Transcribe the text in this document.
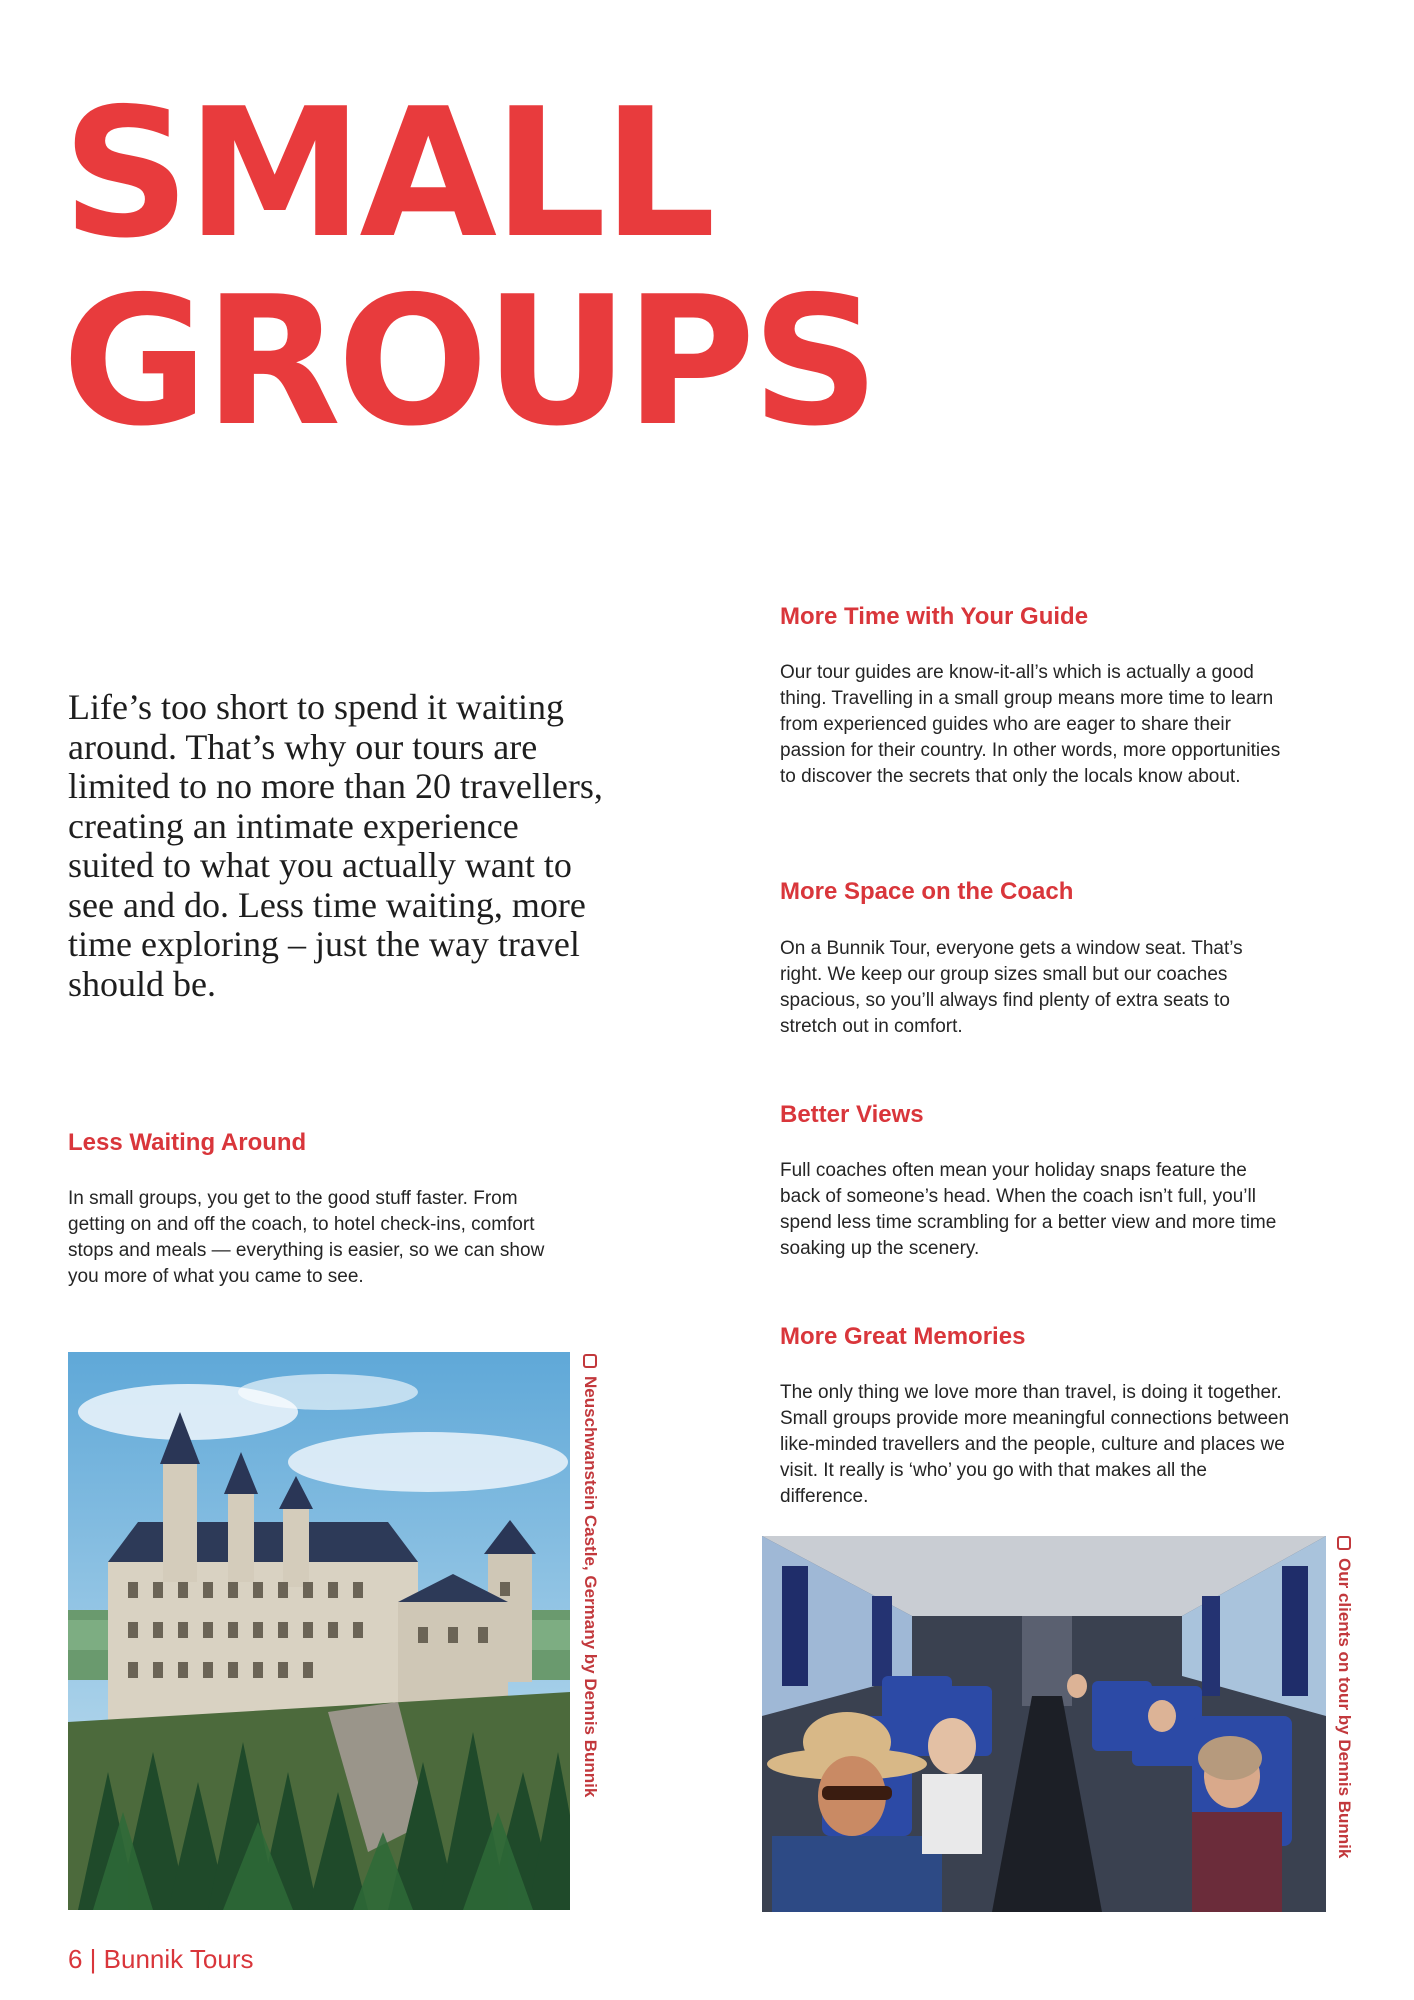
SMALL
GROUPS
Life’s too short to spend it waiting around. That’s why our tours are limited to no more than 20 travellers, creating an intimate experience suited to what you actually want to see and do. Less time waiting, more time exploring – just the way travel should be.
Less Waiting Around

In small groups, you get to the good stuff faster. From getting on and off the coach, to hotel check-ins, comfort stops and meals — everything is easier, so we can show you more of what you came to see.

More Time with Your Guide

Our tour guides are know-it-all’s which is actually a good thing. Travelling in a small group means more time to learn from experienced guides who are eager to share their passion for their country. In other words, more opportunities to discover the secrets that only the locals know about.

More Space on the Coach

On a Bunnik Tour, everyone gets a window seat. That’s right. We keep our group sizes small but our coaches spacious, so you’ll always find plenty of extra seats to stretch out in comfort.

Better Views

Full coaches often mean your holiday snaps feature the back of someone’s head. When the coach isn’t full, you’ll spend less time scrambling for a better view and more time soaking up the scenery.

More Great Memories

The only thing we love more than travel, is doing it together. Small groups provide more meaningful connections between like-minded travellers and the people, culture and places we visit. It really is ‘who’ you go with that makes all the difference.

Neuschwanstein Castle, Germany by Dennis Bunnik	Our clients on tour by Dennis Bunnik
6 | Bunnik Tours
